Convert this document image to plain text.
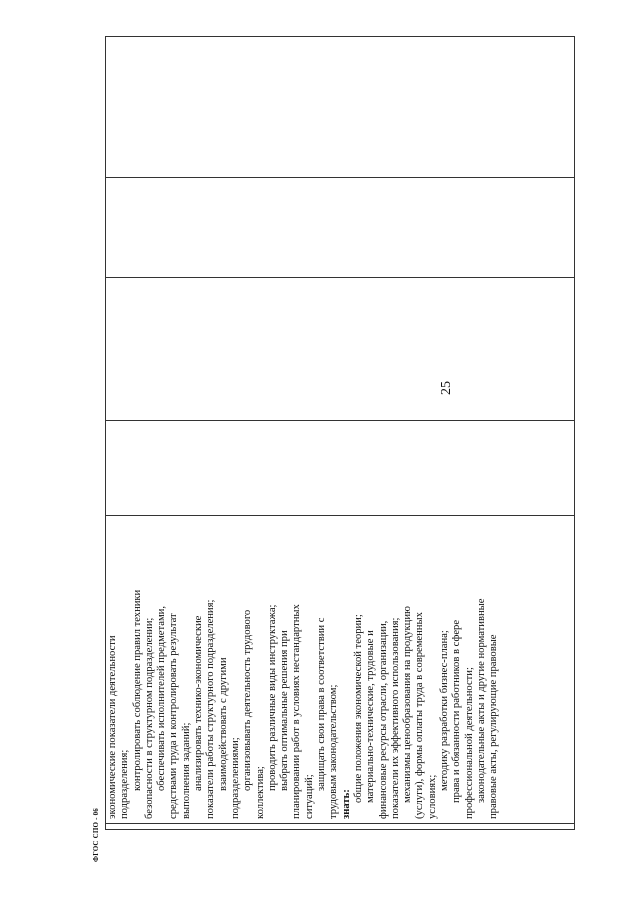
экономические показатели деятельности подразделения; контролировать соблюдение правил техники безопасности в структурном подразделении; обеспечивать исполнителей предметами, средствами труда и контролировать результат выполнения заданий; анализировать технико-экономические показатели работы структурного подразделения; взаимодействовать с другими подразделениями; организовывать деятельность трудового
коллектива;
проводить различные виды инструктажа; выбрать оптимальные решения при планировании работ в условиях нестандартных ситуаций;
защищать свои права в соответствии с трудовым законодательством; знать:
общие положения экономической теории; материально-технические, трудовые и финансовые ресурсы отрасли, организации, показатели их эффективного использования; механизмы ценообразования на продукцию (услуги), формы оплаты труда в современных условиях;
методику разработки бизнес-плана; права и обязанности работников в сфере профессиональной деятельности; законодательные акты и другие нормативные правовые акты, регулирующие правовые

25
ФГОС СПО - 06
